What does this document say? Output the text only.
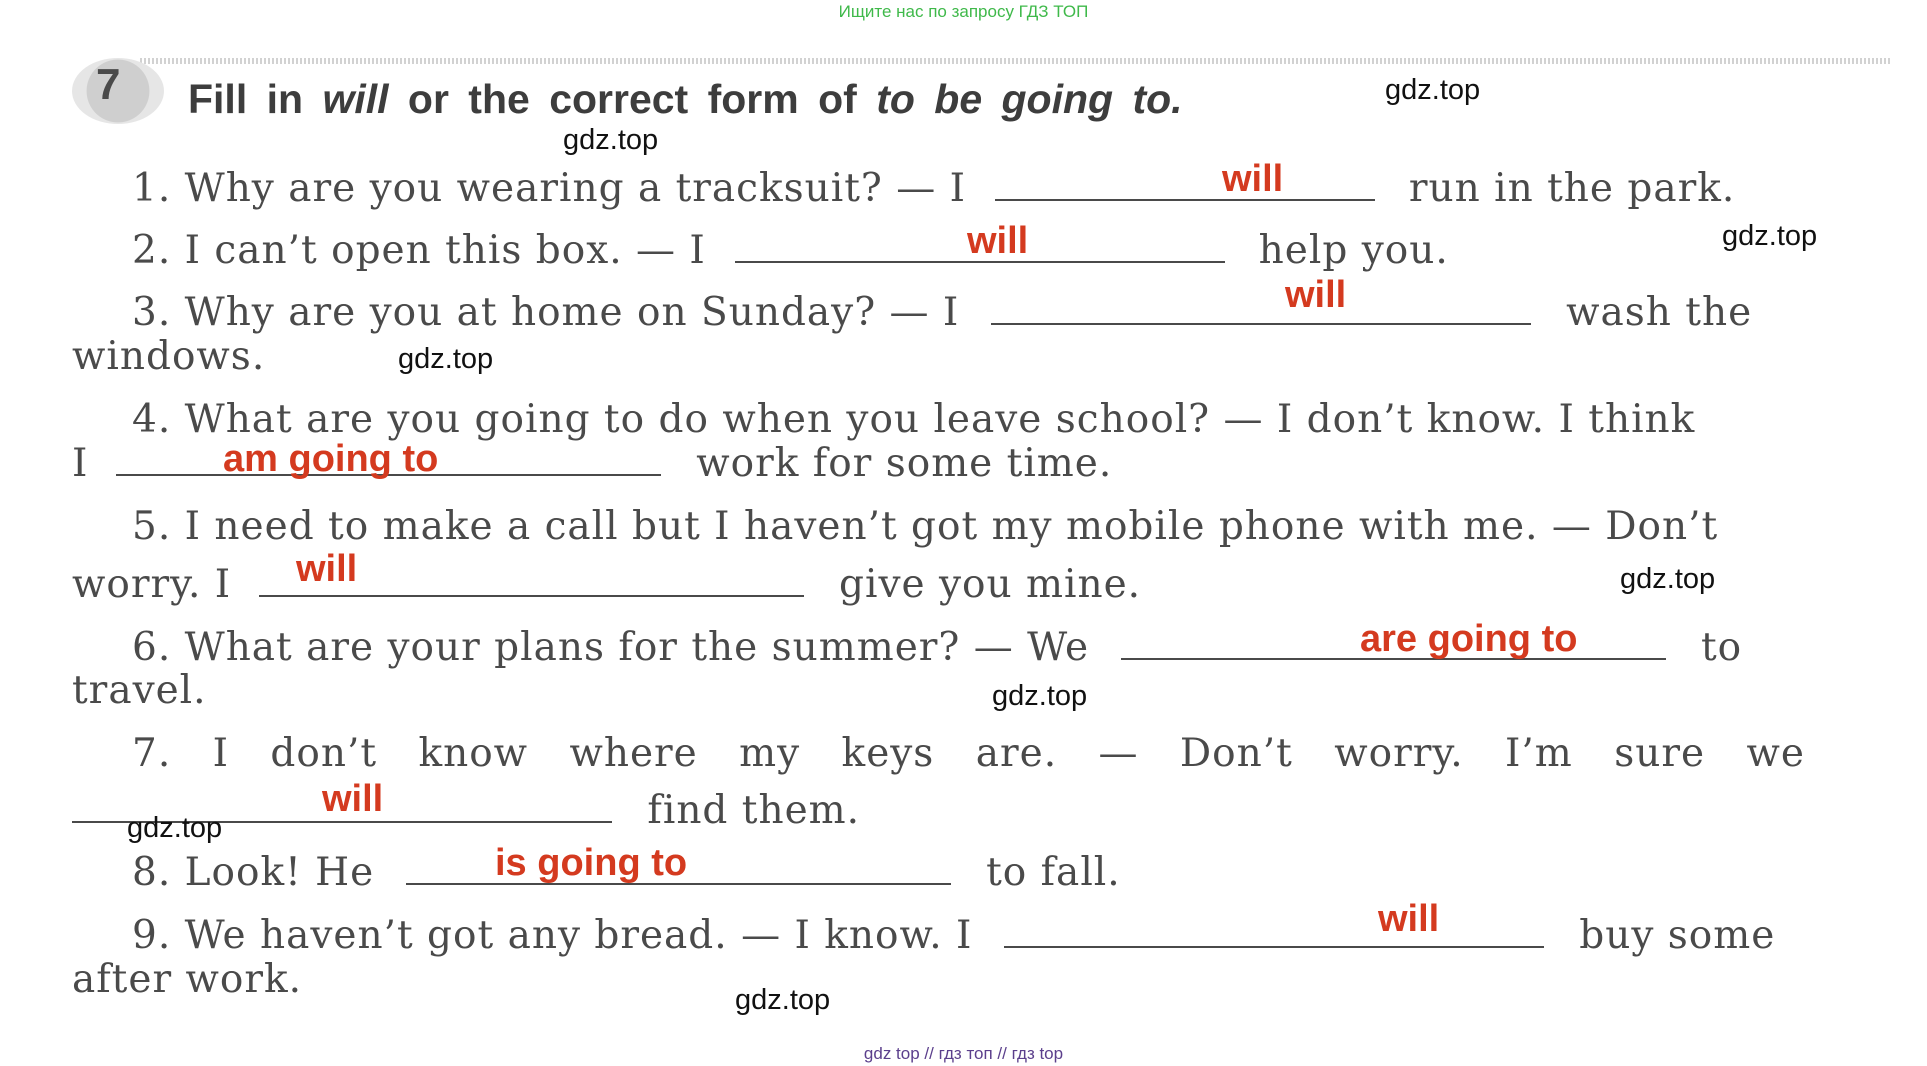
Ищите нас по запросу ГДЗ ТОП
7 Fill in will or the correct form of to be going to.
1. Why are you wearing a tracksuit? — I	run in the park.
will
2. I can’t open this box. — I	help you.
will
3. Why are you at home on Sunday? — I	wash the
windows.
will
4. What are you going to do when you leave school? — I don’t know. I think
I	work for some time.
am going to
5. I need to make a call but I haven’t got my mobile phone with me. — Don’t
worry. I	give you mine.
will
6. What are your plans for the summer? — We	to
travel.
are going to
7. I don’t know where my keys are. — Don’t worry. I’m sure we
find them.
will
8. Look! He	to fall.
is going to
9. We haven’t got any bread. — I know. I	buy some
after work.
will
gdz.top
gdz.top
gdz.top
gdz.top
gdz.top
gdz.top
gdz.top
gdz.top
gdz top // гдз топ // гдз top
